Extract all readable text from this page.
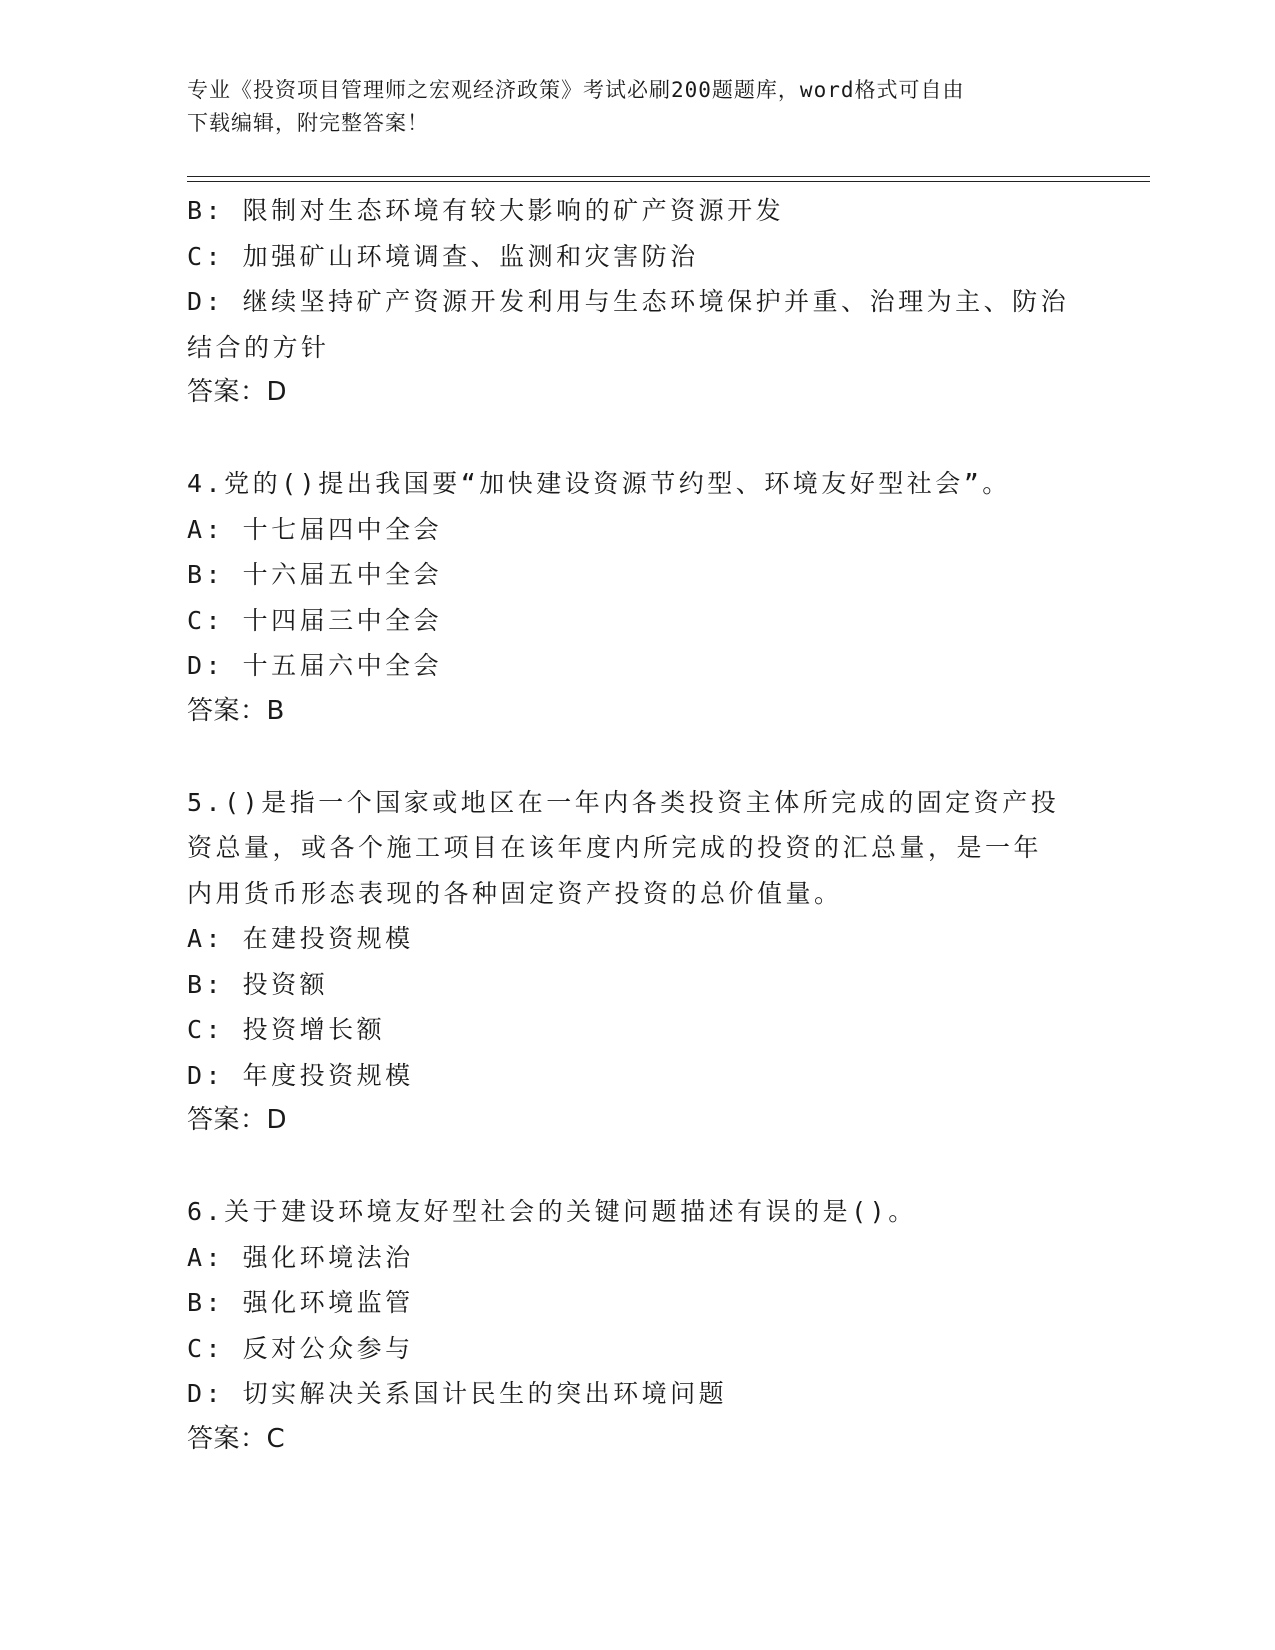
专业《投资项目管理师之宏观经济政策》考试必刷200题题库，word格式可自由
下载编辑，附完整答案！
B: 限制对生态环境有较大影响的矿产资源开发
C: 加强矿山环境调查、监测和灾害防治
D: 继续坚持矿产资源开发利用与生态环境保护并重、治理为主、防治
结合的方针
答案：D
4.党的()提出我国要“加快建设资源节约型、环境友好型社会”。
A: 十七届四中全会
B: 十六届五中全会
C: 十四届三中全会
D: 十五届六中全会
答案：B
5.()是指一个国家或地区在一年内各类投资主体所完成的固定资产投
资总量，或各个施工项目在该年度内所完成的投资的汇总量，是一年
内用货币形态表现的各种固定资产投资的总价值量。
A: 在建投资规模
B: 投资额
C: 投资增长额
D: 年度投资规模
答案：D
6.关于建设环境友好型社会的关键问题描述有误的是()。
A: 强化环境法治
B: 强化环境监管
C: 反对公众参与
D: 切实解决关系国计民生的突出环境问题
答案：C
